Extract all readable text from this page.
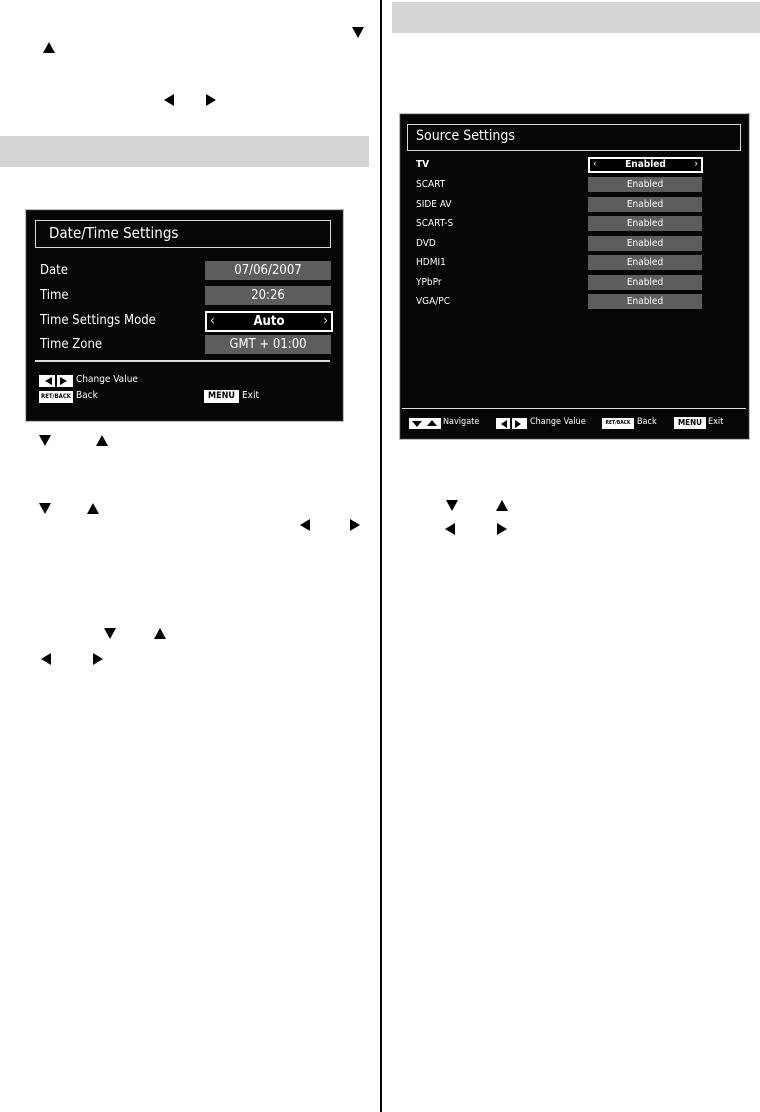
Date/Time Settings
Date	07/06/2007
Time	20:26
Time Settings Mode	‹	Auto	›
Time Zone	GMT + 01:00
Change Value
RET/BACK Back	MENU Exit
Source Settings
TV	‹	Enabled	›
SCART	Enabled
SIDE AV	Enabled
SCART-S	Enabled
DVD	Enabled
HDMI1	Enabled
YPbPr	Enabled
VGA/PC	Enabled
Navigate	Change Value	RET/BACK Back	MENU Exit
